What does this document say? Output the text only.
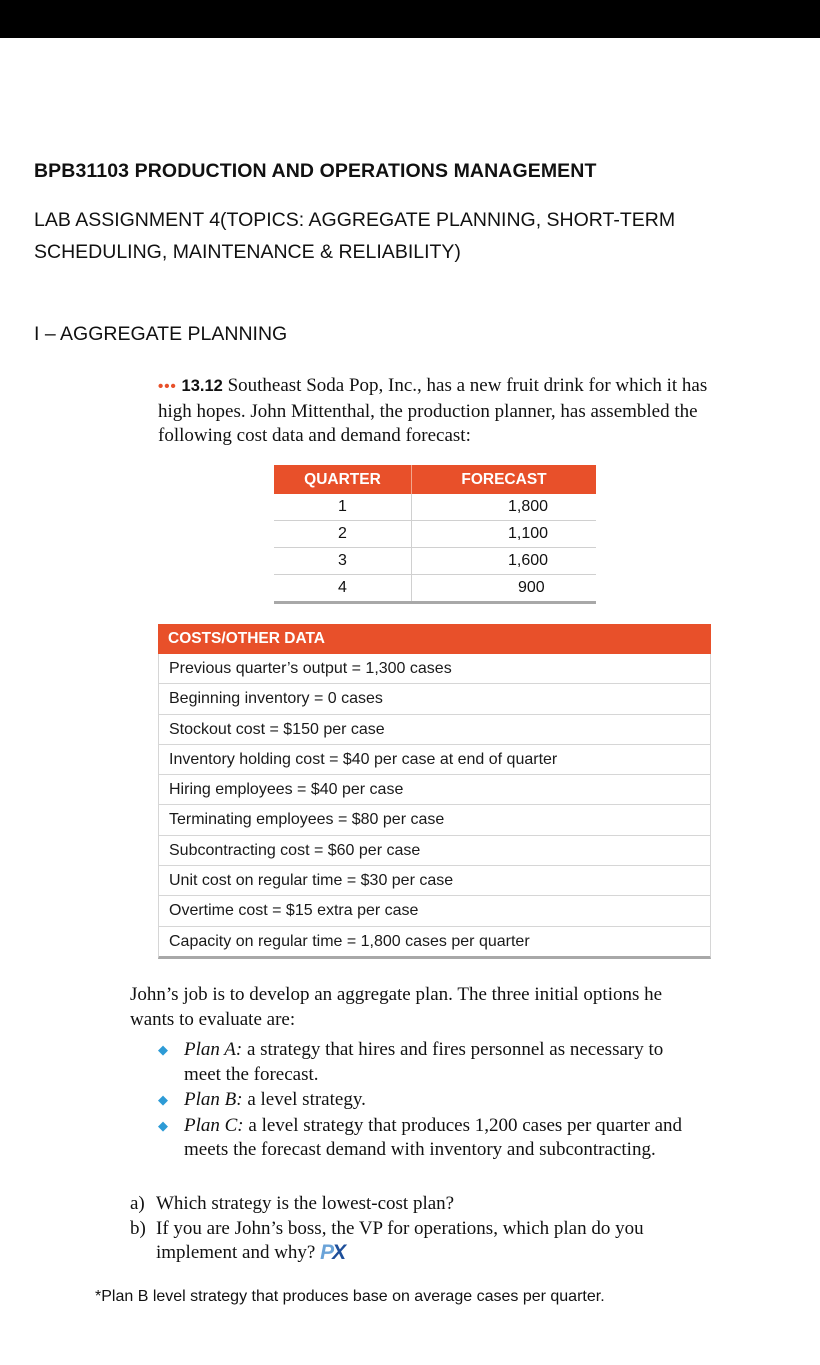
BPB31103 PRODUCTION AND OPERATIONS MANAGEMENT
LAB ASSIGNMENT 4(TOPICS: AGGREGATE PLANNING, SHORT-TERM
SCHEDULING, MAINTENANCE & RELIABILITY)
I – AGGREGATE PLANNING
••• 13.12 Southeast Soda Pop, Inc., has a new fruit drink for which it has high hopes. John Mittenthal, the production planner, has assembled the following cost data and demand forecast:
QUARTER	FORECAST
1	1,800
2	1,100
3	1,600
4	900
COSTS/OTHER DATA
Previous quarter’s output = 1,300 cases
Beginning inventory = 0 cases
Stockout cost = $150 per case
Inventory holding cost = $40 per case at end of quarter
Hiring employees = $40 per case
Terminating employees = $80 per case
Subcontracting cost = $60 per case
Unit cost on regular time = $30 per case
Overtime cost = $15 extra per case
Capacity on regular time = 1,800 cases per quarter
John’s job is to develop an aggregate plan. The three initial options he wants to evaluate are:
◆ Plan A: a strategy that hires and fires personnel as necessary to meet the forecast.
◆ Plan B: a level strategy.
◆ Plan C: a level strategy that produces 1,200 cases per quarter and meets the forecast demand with inventory and subcontracting.
a) Which strategy is the lowest-cost plan?
b) If you are John’s boss, the VP for operations, which plan do you implement and why? PX
*Plan B level strategy that produces base on average cases per quarter.
